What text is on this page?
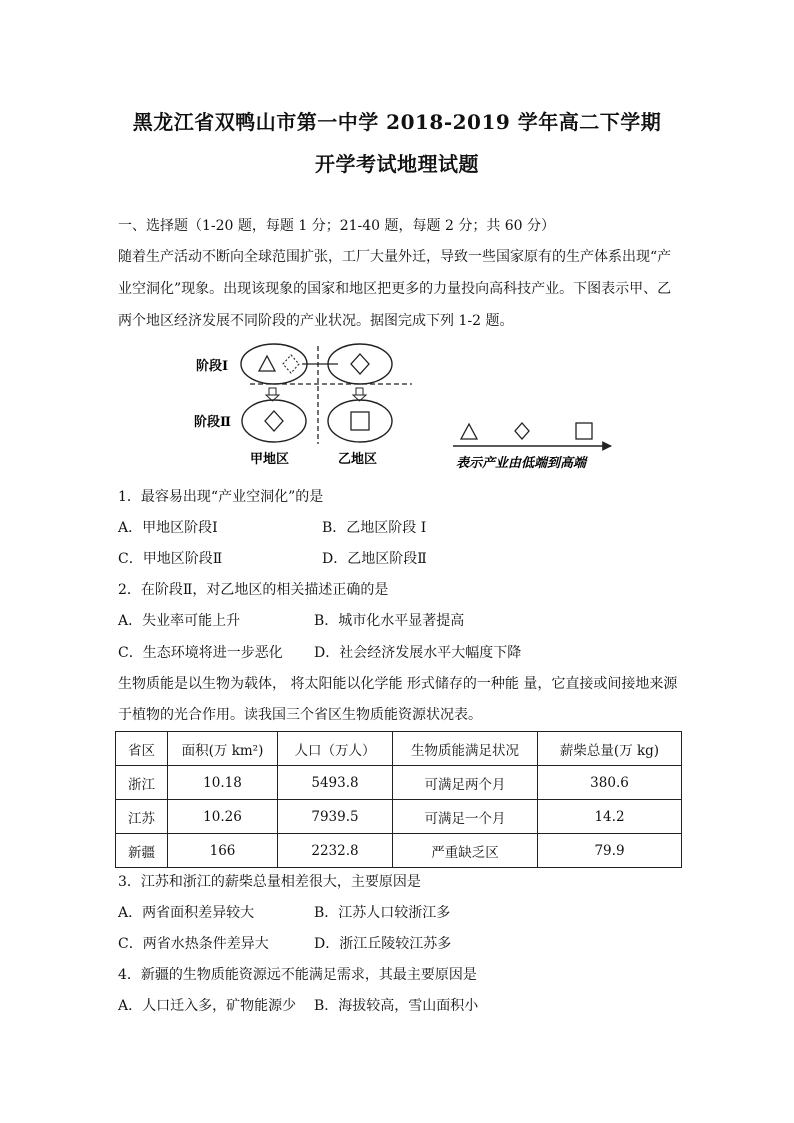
黑龙江省双鸭山市第一中学 2018-2019 学年高二下学期
开学考试地理试题
一、选择题（1-20 题，每题 1 分；21-40 题，每题 2 分；共 60 分）
随着生产活动不断向全球范围扩张，工厂大量外迁，导致一些国家原有的生产体系出现“产
业空洞化”现象。出现该现象的国家和地区把更多的力量投向高科技产业。下图表示甲、乙
两个地区经济发展不同阶段的产业状况。据图完成下列 1-2 题。
阶段Ⅰ
阶段Ⅱ
甲地区	乙地区	表示产业由低端到高端
1．最容易出现“产业空洞化”的是
A．甲地区阶段Ⅰ	B．乙地区阶段 I
C．甲地区阶段Ⅱ	D．乙地区阶段Ⅱ
2．在阶段Ⅱ，对乙地区的相关描述正确的是
A．失业率可能上升	B．城市化水平显著提高
C．生态环境将进一步恶化 D．社会经济发展水平大幅度下降
生物质能是以生物为载体， 将太阳能以化学能 形式储存的一种能 量，它直接或间接地来源
于植物的光合作用。读我国三个省区生物质能资源状况表。
省区	面积(万 km²)	人口（万人）	生物质能满足状况	薪柴总量(万 kg)
浙江	10.18	5493.8	可满足两个月	380.6
江苏	10.26	7939.5	可满足一个月	14.2
新疆	166	2232.8	严重缺乏区	79.9
3．江苏和浙江的薪柴总量相差很大，主要原因是
A．两省面积差异较大	B．江苏人口较浙江多
C．两省水热条件差异大	D．浙江丘陵较江苏多
4．新疆的生物质能资源远不能满足需求，其最主要原因是
A．人口迁入多，矿物能源少 B．海拔较高，雪山面积小
